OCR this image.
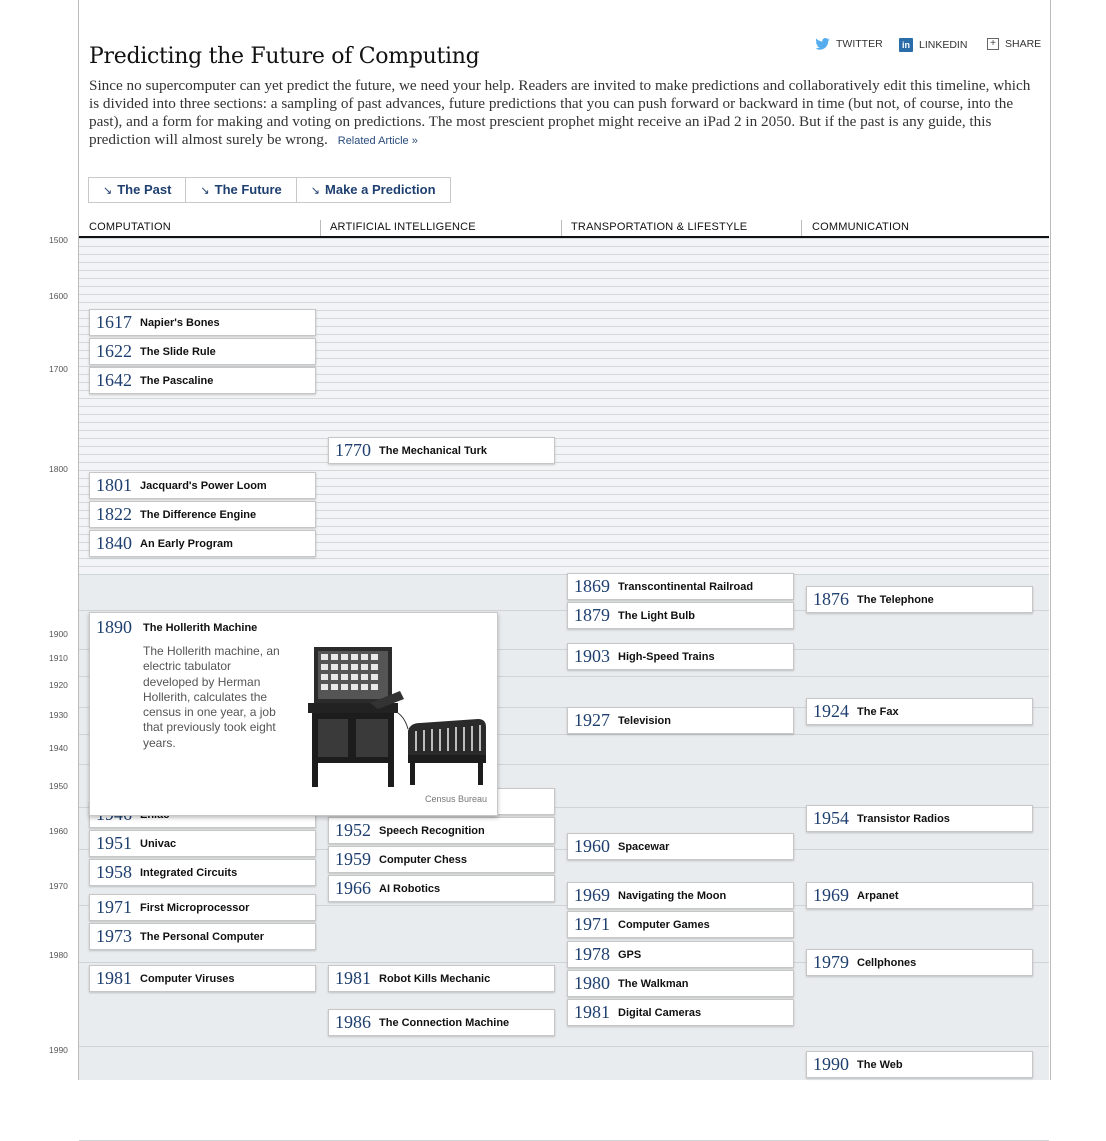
Predicting the Future of Computing	TWITTER	in LINKEDIN	+ SHARE

Since no supercomputer can yet predict the future, we need your help. Readers are invited to make predictions and collaboratively edit this timeline, which is divided into three sections: a sampling of past advances, future predictions that you can push forward or backward in time (but not, of course, into the past), and a form for making and voting on predictions. The most prescient prophet might receive an iPad 2 in 2050. But if the past is any guide, this prediction will almost surely be wrong. Related Article »

↘ The Past	↘ The Future	↘ Make a Prediction
COMPUTATION	ARTIFICIAL INTELLIGENCE	TRANSPORTATION & LIFESTYLE	COMMUNICATION
1500
1600
1700
1800
1900
1910
1920
1930
1940
1950
1960
1970
1980
1990
1617 Napier's Bones
1622 The Slide Rule
1642 The Pascaline
1801 Jacquard's Power Loom
1822 The Difference Engine
1840 An Early Program
1951 Univac
1958 Integrated Circuits
1971 First Microprocessor
1973 The Personal Computer
1981 Computer Viruses
1770 The Mechanical Turk
1952 Speech Recognition
1959 Computer Chess
1966 AI Robotics
1981 Robot Kills Mechanic
1986 The Connection Machine
1869 Transcontinental Railroad
1879 The Light Bulb
1903 High-Speed Trains
1927 Television
1960 Spacewar
1969 Navigating the Moon
1971 Computer Games
1978 GPS
1980 The Walkman
1981 Digital Cameras
1876 The Telephone
1924 The Fax
1954 Transistor Radios
1969 Arpanet
1979 Cellphones
1990 The Web
1890 The Hollerith Machine

The Hollerith machine, an electric tabulator developed by Herman Hollerith, calculates the census in one year, a job that previously took eight years.

Census Bureau
